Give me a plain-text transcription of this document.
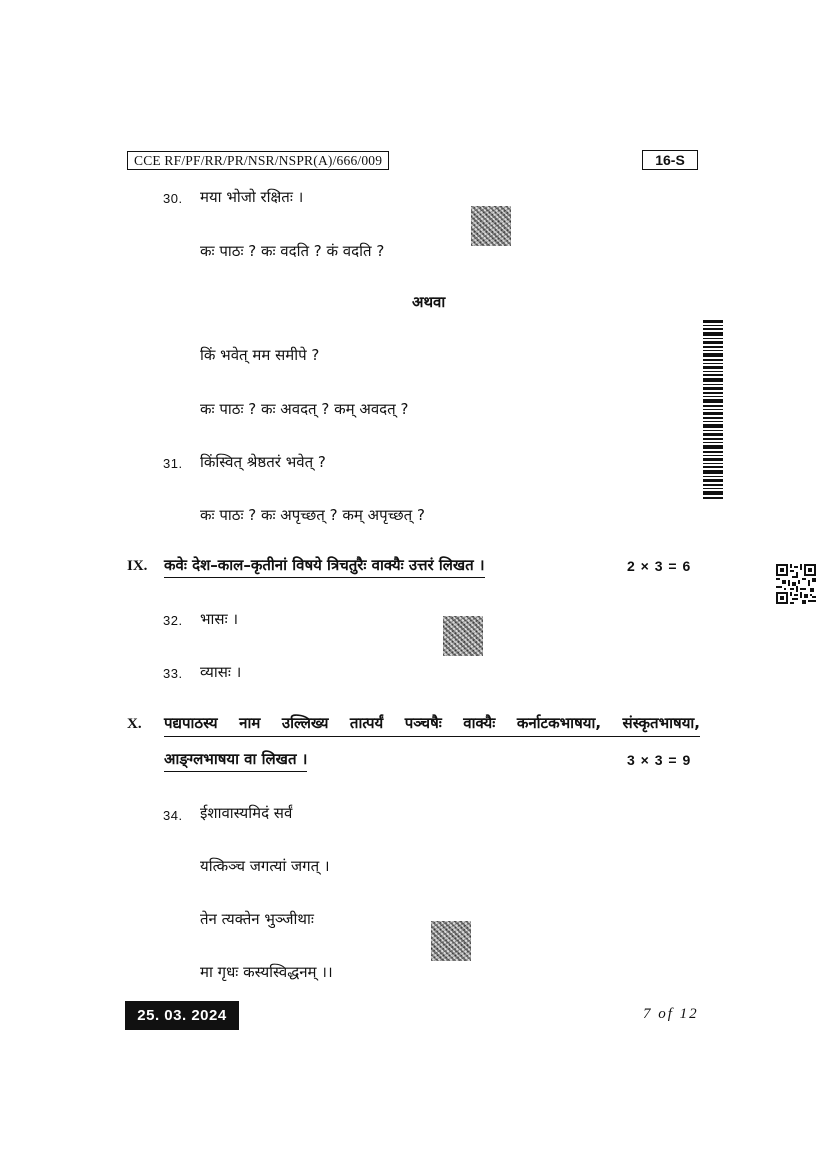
CCE RF/PF/RR/PR/NSR/NSPR(A)/666/009	16-S
30. मया भोजो रक्षितः ।
कः पाठः ? कः वदति ? कं वदति ?
अथवा
किं भवेत् मम समीपे ?
कः पाठः ? कः अवदत् ? कम् अवदत् ?
31. किंस्वित् श्रेष्ठतरं भवेत् ?
कः पाठः ? कः अपृच्छत् ? कम् अपृच्छत् ?
IX. कवेः देश–काल–कृतीनां विषये त्रिचतुरैः वाक्यैः उत्तरं लिखत ।	2 × 3 = 6
32. भासः ।
33. व्यासः ।
X. पद्यपाठस्य नाम उल्लिख्य तात्पर्यं पञ्चषैः वाक्यैः कर्नाटकभाषया, संस्कृतभाषया,
आङ्ग्लभाषया वा लिखत ।	3 × 3 = 9
34. ईशावास्यमिदं सर्वं
यत्किञ्च जगत्यां जगत् ।
तेन त्यक्तेन भुञ्जीथाः
मा गृधः कस्यस्विद्धनम् ।।
25. 03. 2024	7 of 12
